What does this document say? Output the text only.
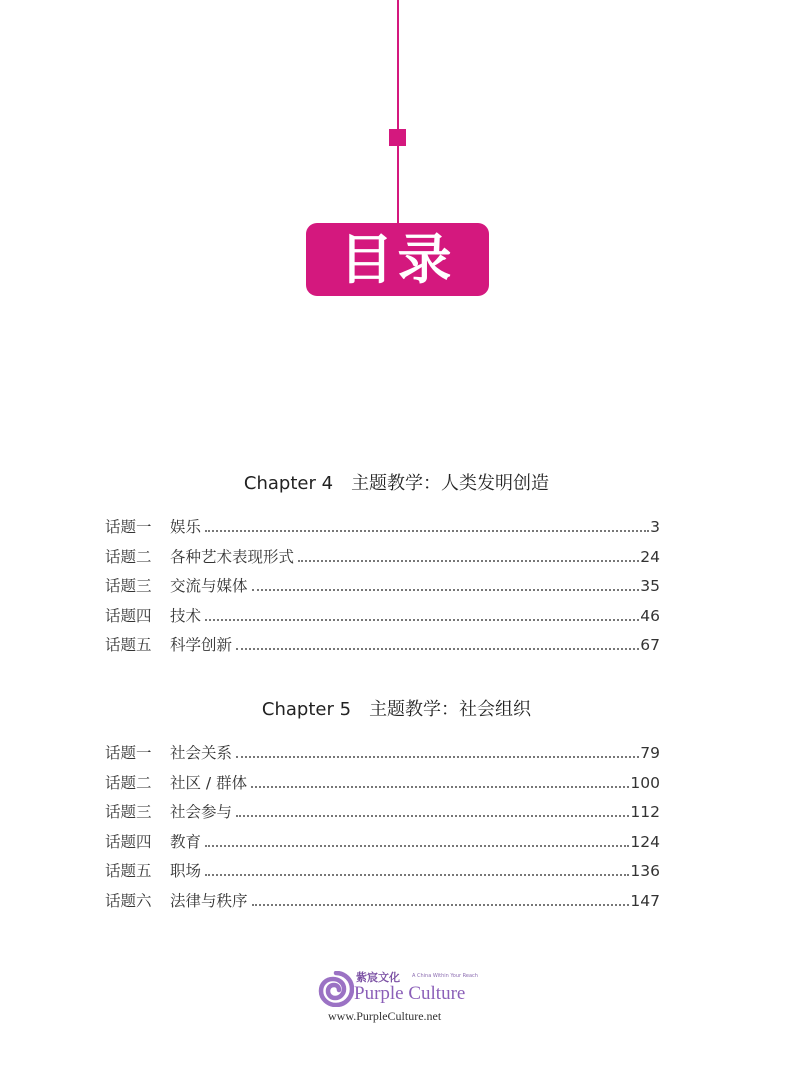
目录
Chapter 4 主题教学：人类发明创造
话题一	娱乐	3
话题二	各种艺术表现形式	24
话题三	交流与媒体	35
话题四	技术	46
话题五	科学创新	67
Chapter 5 主题教学：社会组织
话题一	社会关系	79
话题二	社区 / 群体	100
话题三	社会参与	112
话题四	教育	124
话题五	职场	136
话题六	法律与秩序	147
紫宸文化 A China Within Your Reach
Purple Culture
www.PurpleCulture.net
